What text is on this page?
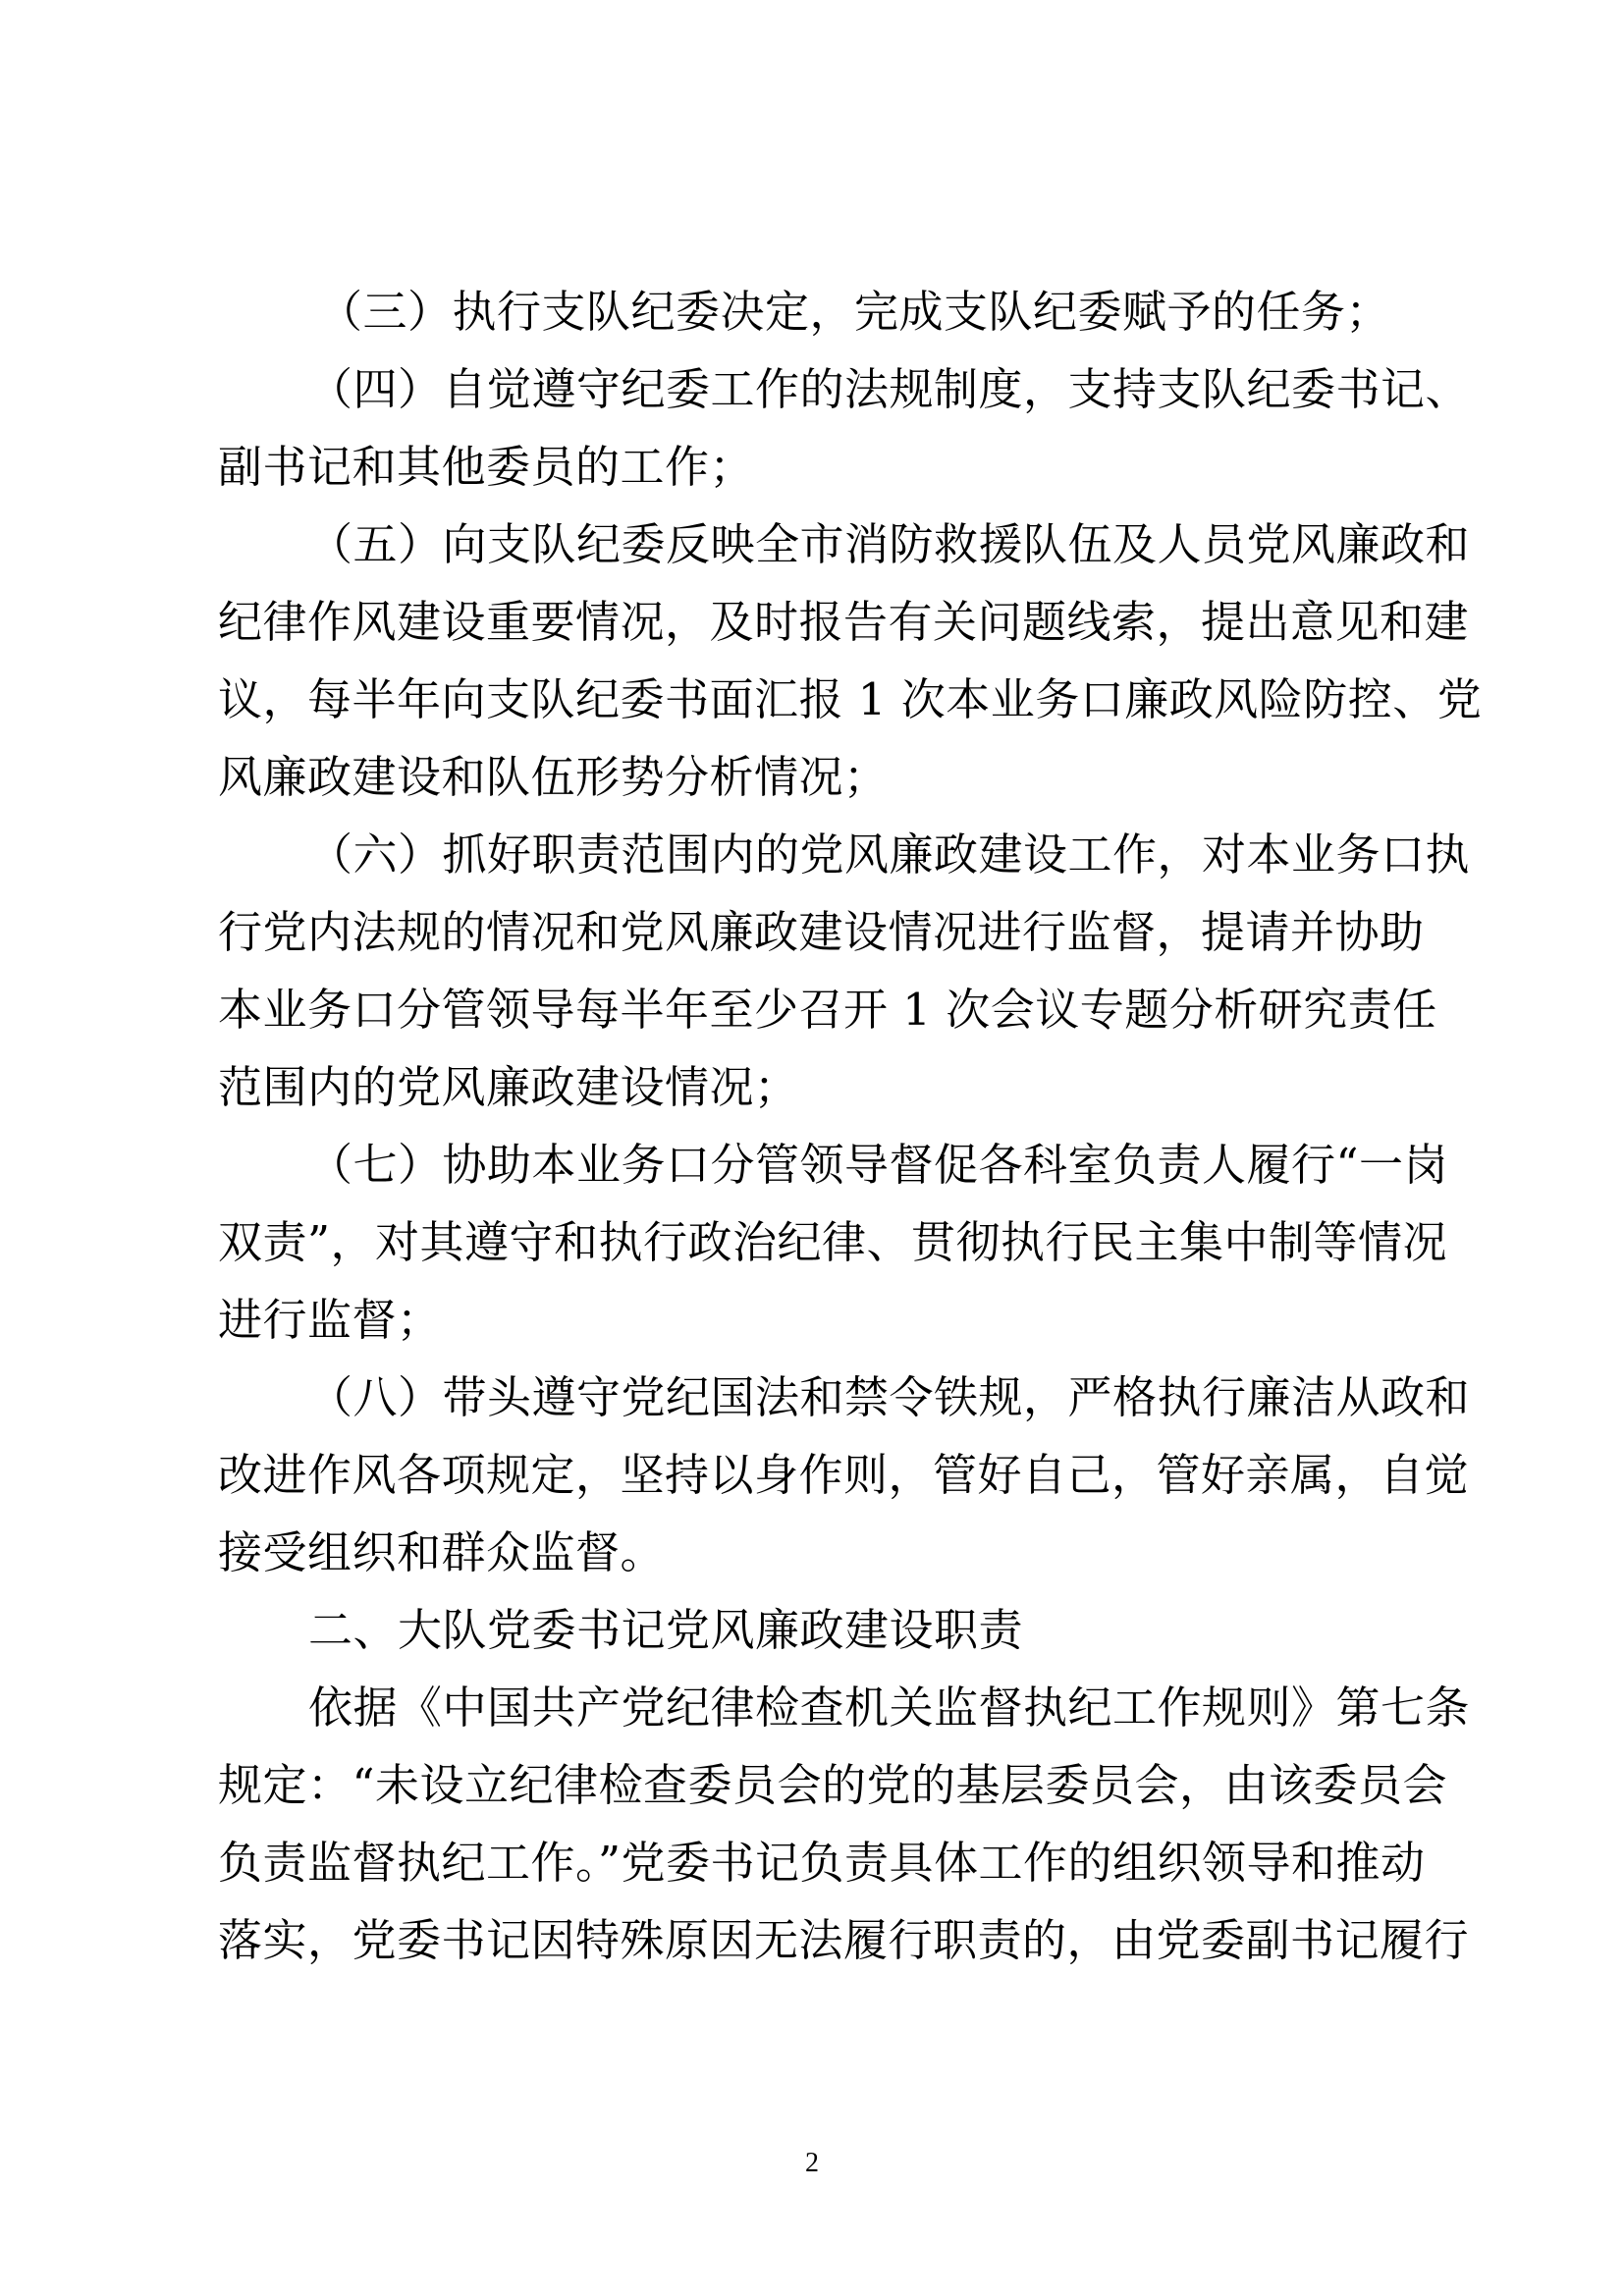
（三）执行支队纪委决定，完成支队纪委赋予的任务；
（四）自觉遵守纪委工作的法规制度，支持支队纪委书记、
副书记和其他委员的工作；
（五）向支队纪委反映全市消防救援队伍及人员党风廉政和
纪律作风建设重要情况，及时报告有关问题线索，提出意见和建
议，每半年向支队纪委书面汇报 1 次本业务口廉政风险防控、党
风廉政建设和队伍形势分析情况；
（六）抓好职责范围内的党风廉政建设工作，对本业务口执
行党内法规的情况和党风廉政建设情况进行监督，提请并协助
本业务口分管领导每半年至少召开 1 次会议专题分析研究责任
范围内的党风廉政建设情况；
（七）协助本业务口分管领导督促各科室负责人履行“一岗
双责”，对其遵守和执行政治纪律、贯彻执行民主集中制等情况
进行监督；
（八）带头遵守党纪国法和禁令铁规，严格执行廉洁从政和
改进作风各项规定，坚持以身作则，管好自己，管好亲属，自觉
接受组织和群众监督。
二、大队党委书记党风廉政建设职责
依据《中国共产党纪律检查机关监督执纪工作规则》第七条
规定：“未设立纪律检查委员会的党的基层委员会，由该委员会
负责监督执纪工作。”党委书记负责具体工作的组织领导和推动
落实，党委书记因特殊原因无法履行职责的，由党委副书记履行
2
